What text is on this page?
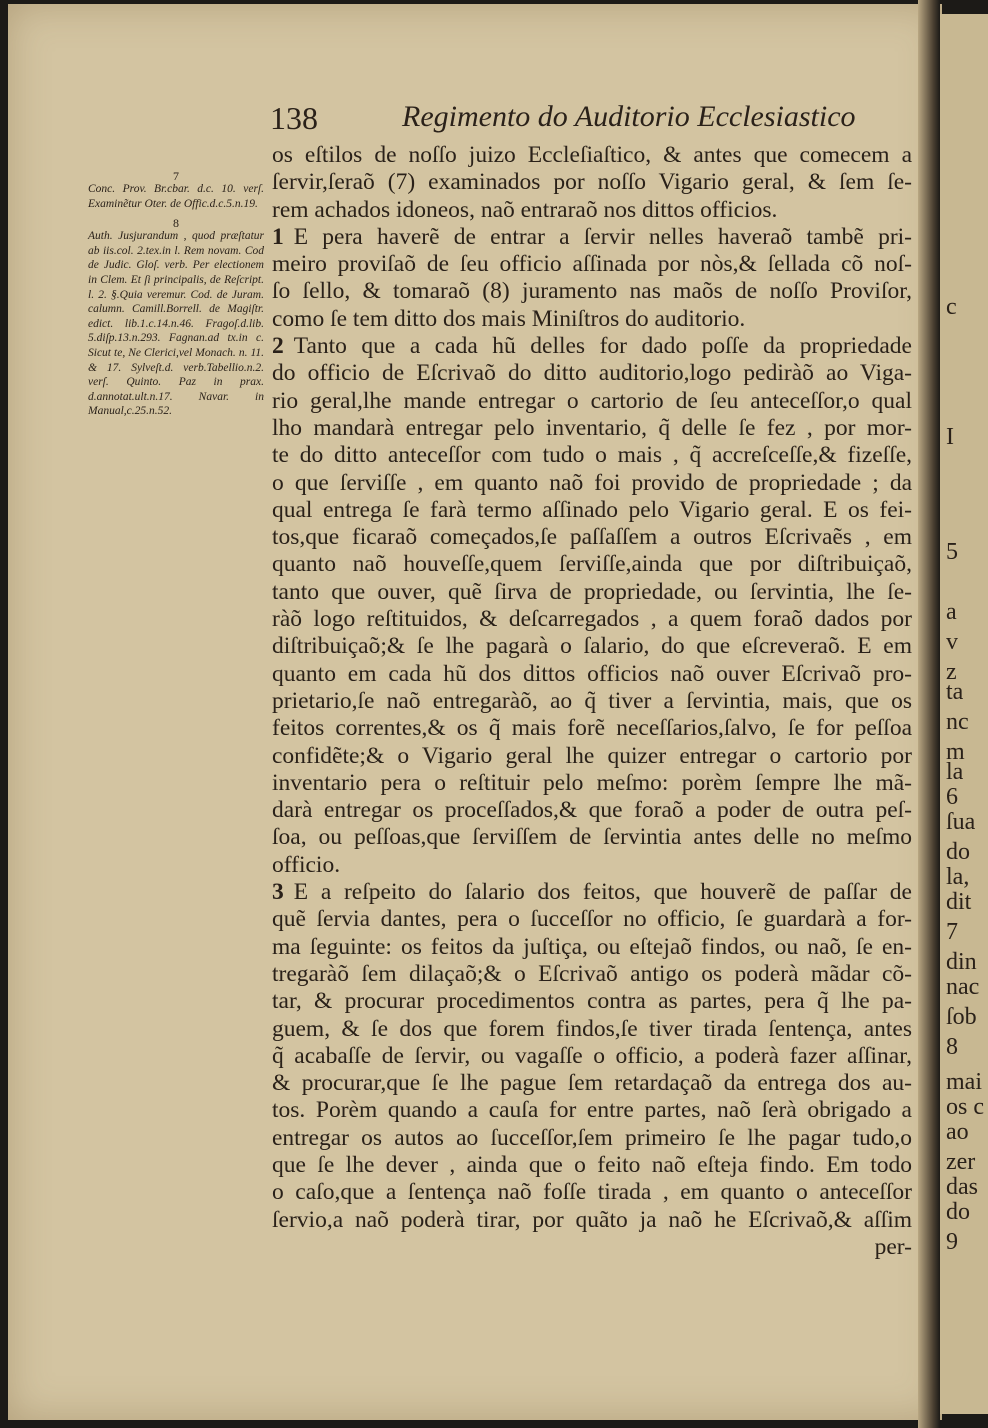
c
I
5
a
v
z
ta
nc
m
la
6
ſua
do
la,
dit
7
din
nac
ſob
8
mai
os c
ao
zer
das
do
9
138	Regimento do Auditorio Ecclesiastico
7
Conc. Prov. Br.cbar. d.c. 10. verſ. Examinẽtur Oter. de Offic.d.c.5.n.19.
8
Auth. Jusjurandum , quod præſtatur ab iis.col. 2.tex.in l. Rem novam. Cod de Judic. Gloſ. verb. Per electionem in Clem. Et ſi principalis, de Reſcript. l. 2. §.Quia veremur. Cod. de Juram. calumn. Camill.Borrell. de Magiſtr. edict. lib.1.c.14.n.46. Fragoſ.d.lib. 5.diſp.13.n.293. Fagnan.ad tx.in c. Sicut te, Ne Clerici,vel Monach. n. 11. & 17. Sylveſt.d. verb.Tabellio.n.2. verſ. Quinto. Paz in prax. d.annotat.ult.n.17. Navar. in Manual,c.25.n.52.
os eſtilos de noſſo juizo Eccleſiaſtico, & antes que comecem a
ſervir,ſeraõ (7) examinados por noſſo Vigario geral, & ſem ſe-
rem achados idoneos, naõ entraraõ nos dittos officios.
1 E pera haverẽ de entrar a ſervir nelles haveraõ tambẽ pri-
meiro proviſaõ de ſeu officio aſſinada por nòs,& ſellada cõ noſ-
ſo ſello, & tomaraõ (8) juramento nas maõs de noſſo Proviſor,
como ſe tem ditto dos mais Miniſtros do auditorio.
2 Tanto que a cada hũ delles for dado poſſe da propriedade
do officio de Eſcrivaõ do ditto auditorio,logo pediràõ ao Viga-
rio geral,lhe mande entregar o cartorio de ſeu anteceſſor,o qual
lho mandarà entregar pelo inventario, q̃ delle ſe fez , por mor-
te do ditto anteceſſor com tudo o mais , q̃ accreſceſſe,& fizeſſe,
o que ſerviſſe , em quanto naõ foi provido de propriedade ; da
qual entrega ſe farà termo aſſinado pelo Vigario geral. E os fei-
tos,que ficaraõ começados,ſe paſſaſſem a outros Eſcrivaẽs , em
quanto naõ houveſſe,quem ſerviſſe,ainda que por diſtribuiçaõ,
tanto que ouver, quẽ ſirva de propriedade, ou ſervintia, lhe ſe-
ràõ logo reſtituidos, & deſcarregados , a quem foraõ dados por
diſtribuiçaõ;& ſe lhe pagarà o ſalario, do que eſcreveraõ. E em
quanto em cada hũ dos dittos officios naõ ouver Eſcrivaõ pro-
prietario,ſe naõ entregaràõ, ao q̃ tiver a ſervintia, mais, que os
feitos correntes,& os q̃ mais forẽ neceſſarios,ſalvo, ſe for peſſoa
confidẽte;& o Vigario geral lhe quizer entregar o cartorio por
inventario pera o reſtituir pelo meſmo: porèm ſempre lhe mã-
darà entregar os proceſſados,& que foraõ a poder de outra peſ-
ſoa, ou peſſoas,que ſerviſſem de ſervintia antes delle no meſmo
officio.
3 E a reſpeito do ſalario dos feitos, que houverẽ de paſſar de
quẽ ſervia dantes, pera o ſucceſſor no officio, ſe guardarà a for-
ma ſeguinte: os feitos da juſtiça, ou eſtejaõ findos, ou naõ, ſe en-
tregaràõ ſem dilaçaõ;& o Eſcrivaõ antigo os poderà mãdar cõ-
tar, & procurar procedimentos contra as partes, pera q̃ lhe pa-
guem, & ſe dos que forem findos,ſe tiver tirada ſentença, antes
q̃ acabaſſe de ſervir, ou vagaſſe o officio, a poderà fazer aſſinar,
& procurar,que ſe lhe pague ſem retardaçaõ da entrega dos au-
tos. Porèm quando a cauſa for entre partes, naõ ſerà obrigado a
entregar os autos ao ſucceſſor,ſem primeiro ſe lhe pagar tudo,o
que ſe lhe dever , ainda que o feito naõ eſteja findo. Em todo
o caſo,que a ſentença naõ foſſe tirada , em quanto o anteceſſor
ſervio,a naõ poderà tirar, por quãto ja naõ he Eſcrivaõ,& aſſim
per-
